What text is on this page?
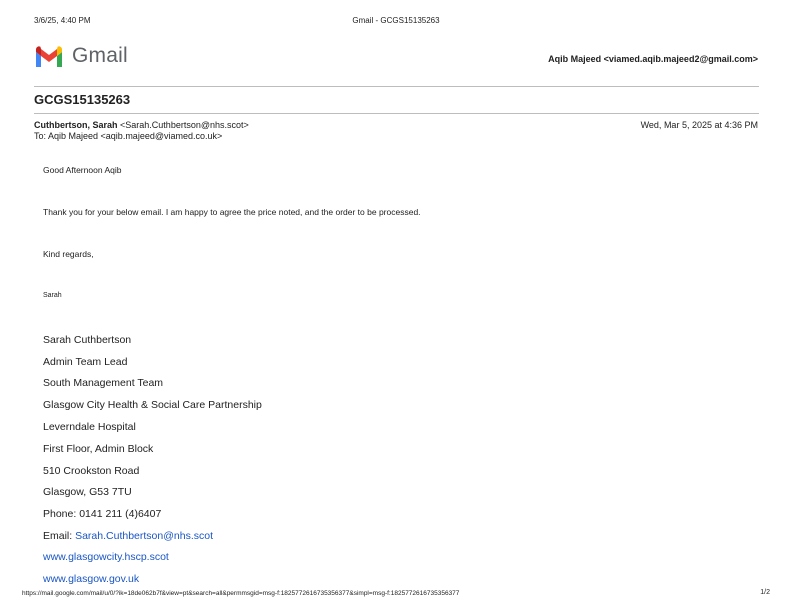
3/6/25, 4:40 PM	Gmail - GCGS15135263
Gmail	Aqib Majeed <viamed.aqib.majeed2@gmail.com>
GCGS15135263
Cuthbertson, Sarah <Sarah.Cuthbertson@nhs.scot>
To: Aqib Majeed <aqib.majeed@viamed.co.uk>
Wed, Mar 5, 2025 at 4:36 PM
Good Afternoon Aqib
Thank you for your below email. I am happy to agree the price noted, and the order to be processed.
Kind regards,
Sarah
Sarah Cuthbertson
Admin Team Lead
South Management Team
Glasgow City Health & Social Care Partnership
Leverndale Hospital
First Floor, Admin Block
510 Crookston Road
Glasgow, G53 7TU
Phone: 0141 211 (4)6407
Email: Sarah.Cuthbertson@nhs.scot
www.glasgowcity.hscp.scot
www.glasgow.gov.uk
https://mail.google.com/mail/u/0/?ik=18de062b7f&view=pt&search=all&permmsgid=msg-f:1825772616735356377&simpl=msg-f:1825772616735356377	1/2
